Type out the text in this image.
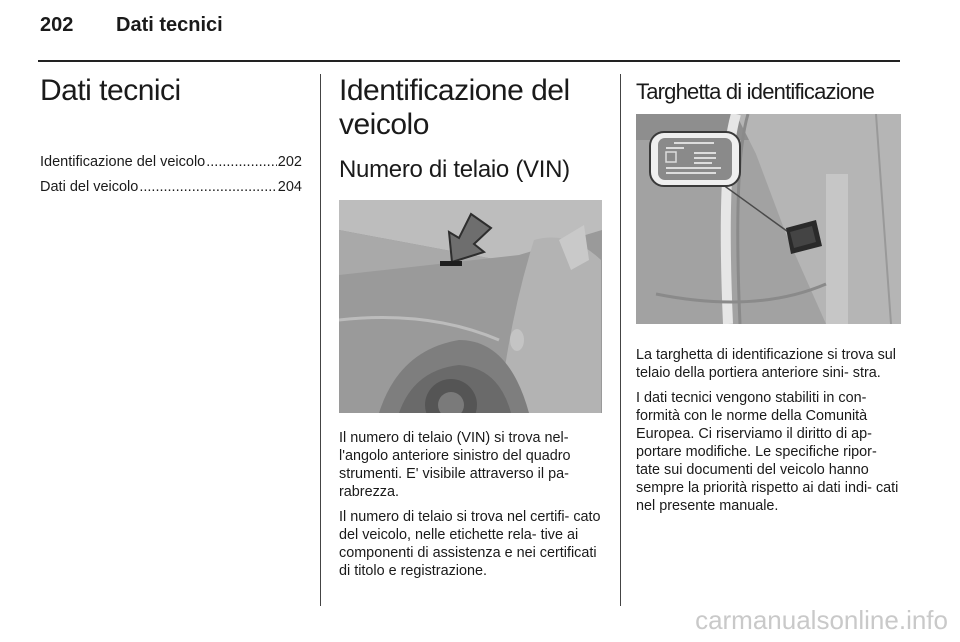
202 Dati tecnici
Dati tecnici
Identificazione del veicolo .....	202
Dati del veicolo .....	204
Identificazione del veicolo
Numero di telaio (VIN)

Il numero di telaio (VIN) si trova nel- l'angolo anteriore sinistro del quadro strumenti. E' visibile attraverso il pa- rabrezza.

Il numero di telaio si trova nel certifi- cato del veicolo, nelle etichette rela- tive ai componenti di assistenza e nei certificati di titolo e registrazione.

Targhetta di identificazione

La targhetta di identificazione si trova sul telaio della portiera anteriore sini- stra.

I dati tecnici vengono stabiliti in con- formità con le norme della Comunità Europea. Ci riserviamo il diritto di ap- portare modifiche. Le specifiche ripor- tate sui documenti del veicolo hanno sempre la priorità rispetto ai dati indi- cati nel presente manuale.

carmanualsonline.info
